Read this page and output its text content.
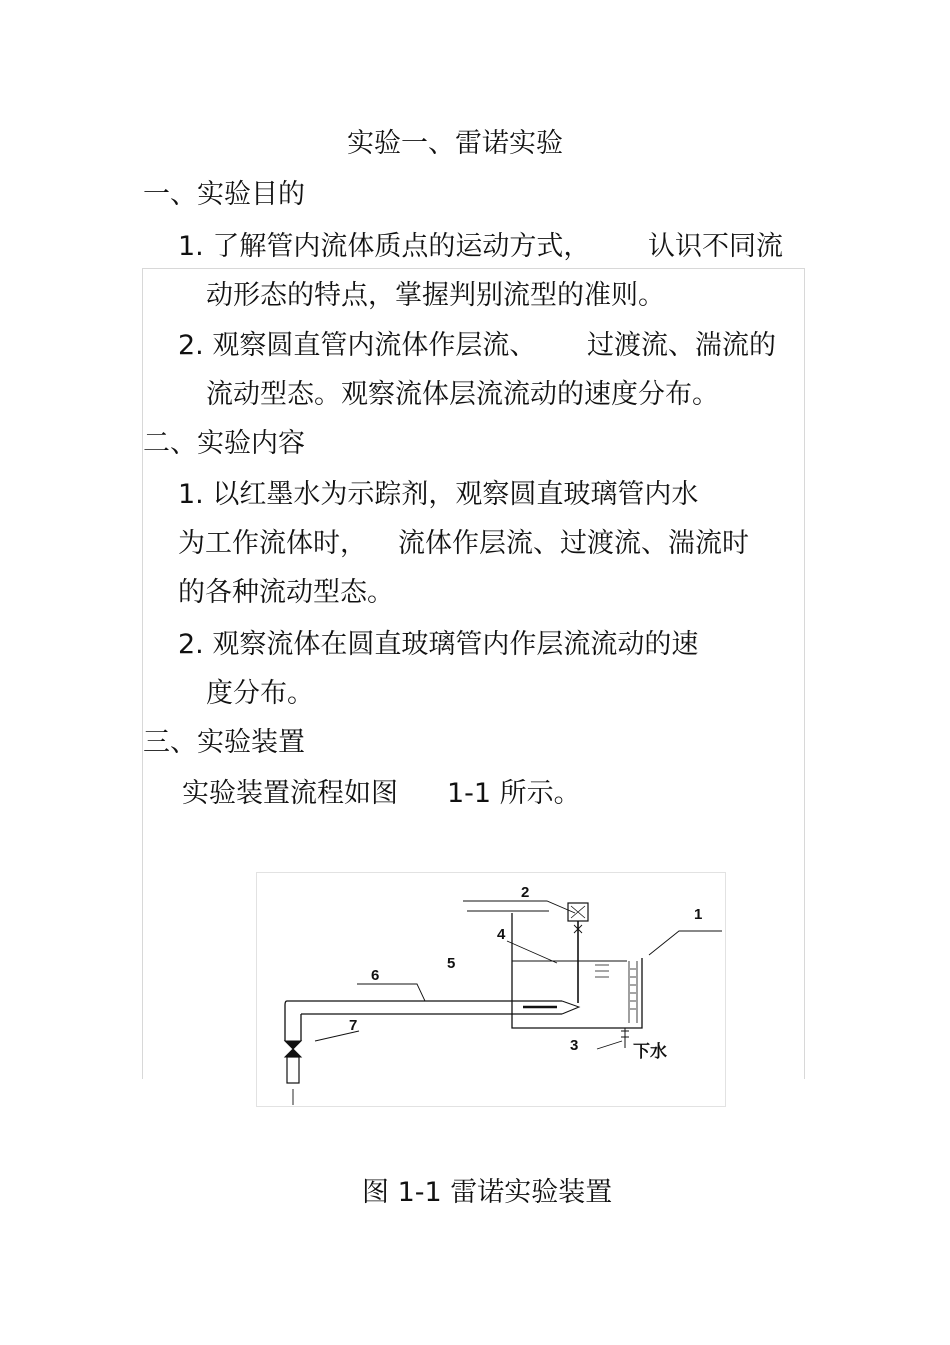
实验一、雷诺实验
一、实验目的
1. 了解管内流体质点的运动方式， 认识不同流
动形态的特点，掌握判别流型的准则。
2. 观察圆直管内流体作层流、 过渡流、湍流的
流动型态。观察流体层流流动的速度分布。
二、实验内容
1. 以红墨水为示踪剂，观察圆直玻璃管内水
为工作流体时， 流体作层流、过渡流、湍流时
的各种流动型态。
2. 观察流体在圆直玻璃管内作层流流动的速
度分布。
三、实验装置
实验装置流程如图 1-1 所示。
2
1
4
5
6
7
3	下水
图 1-1 雷诺实验装置
